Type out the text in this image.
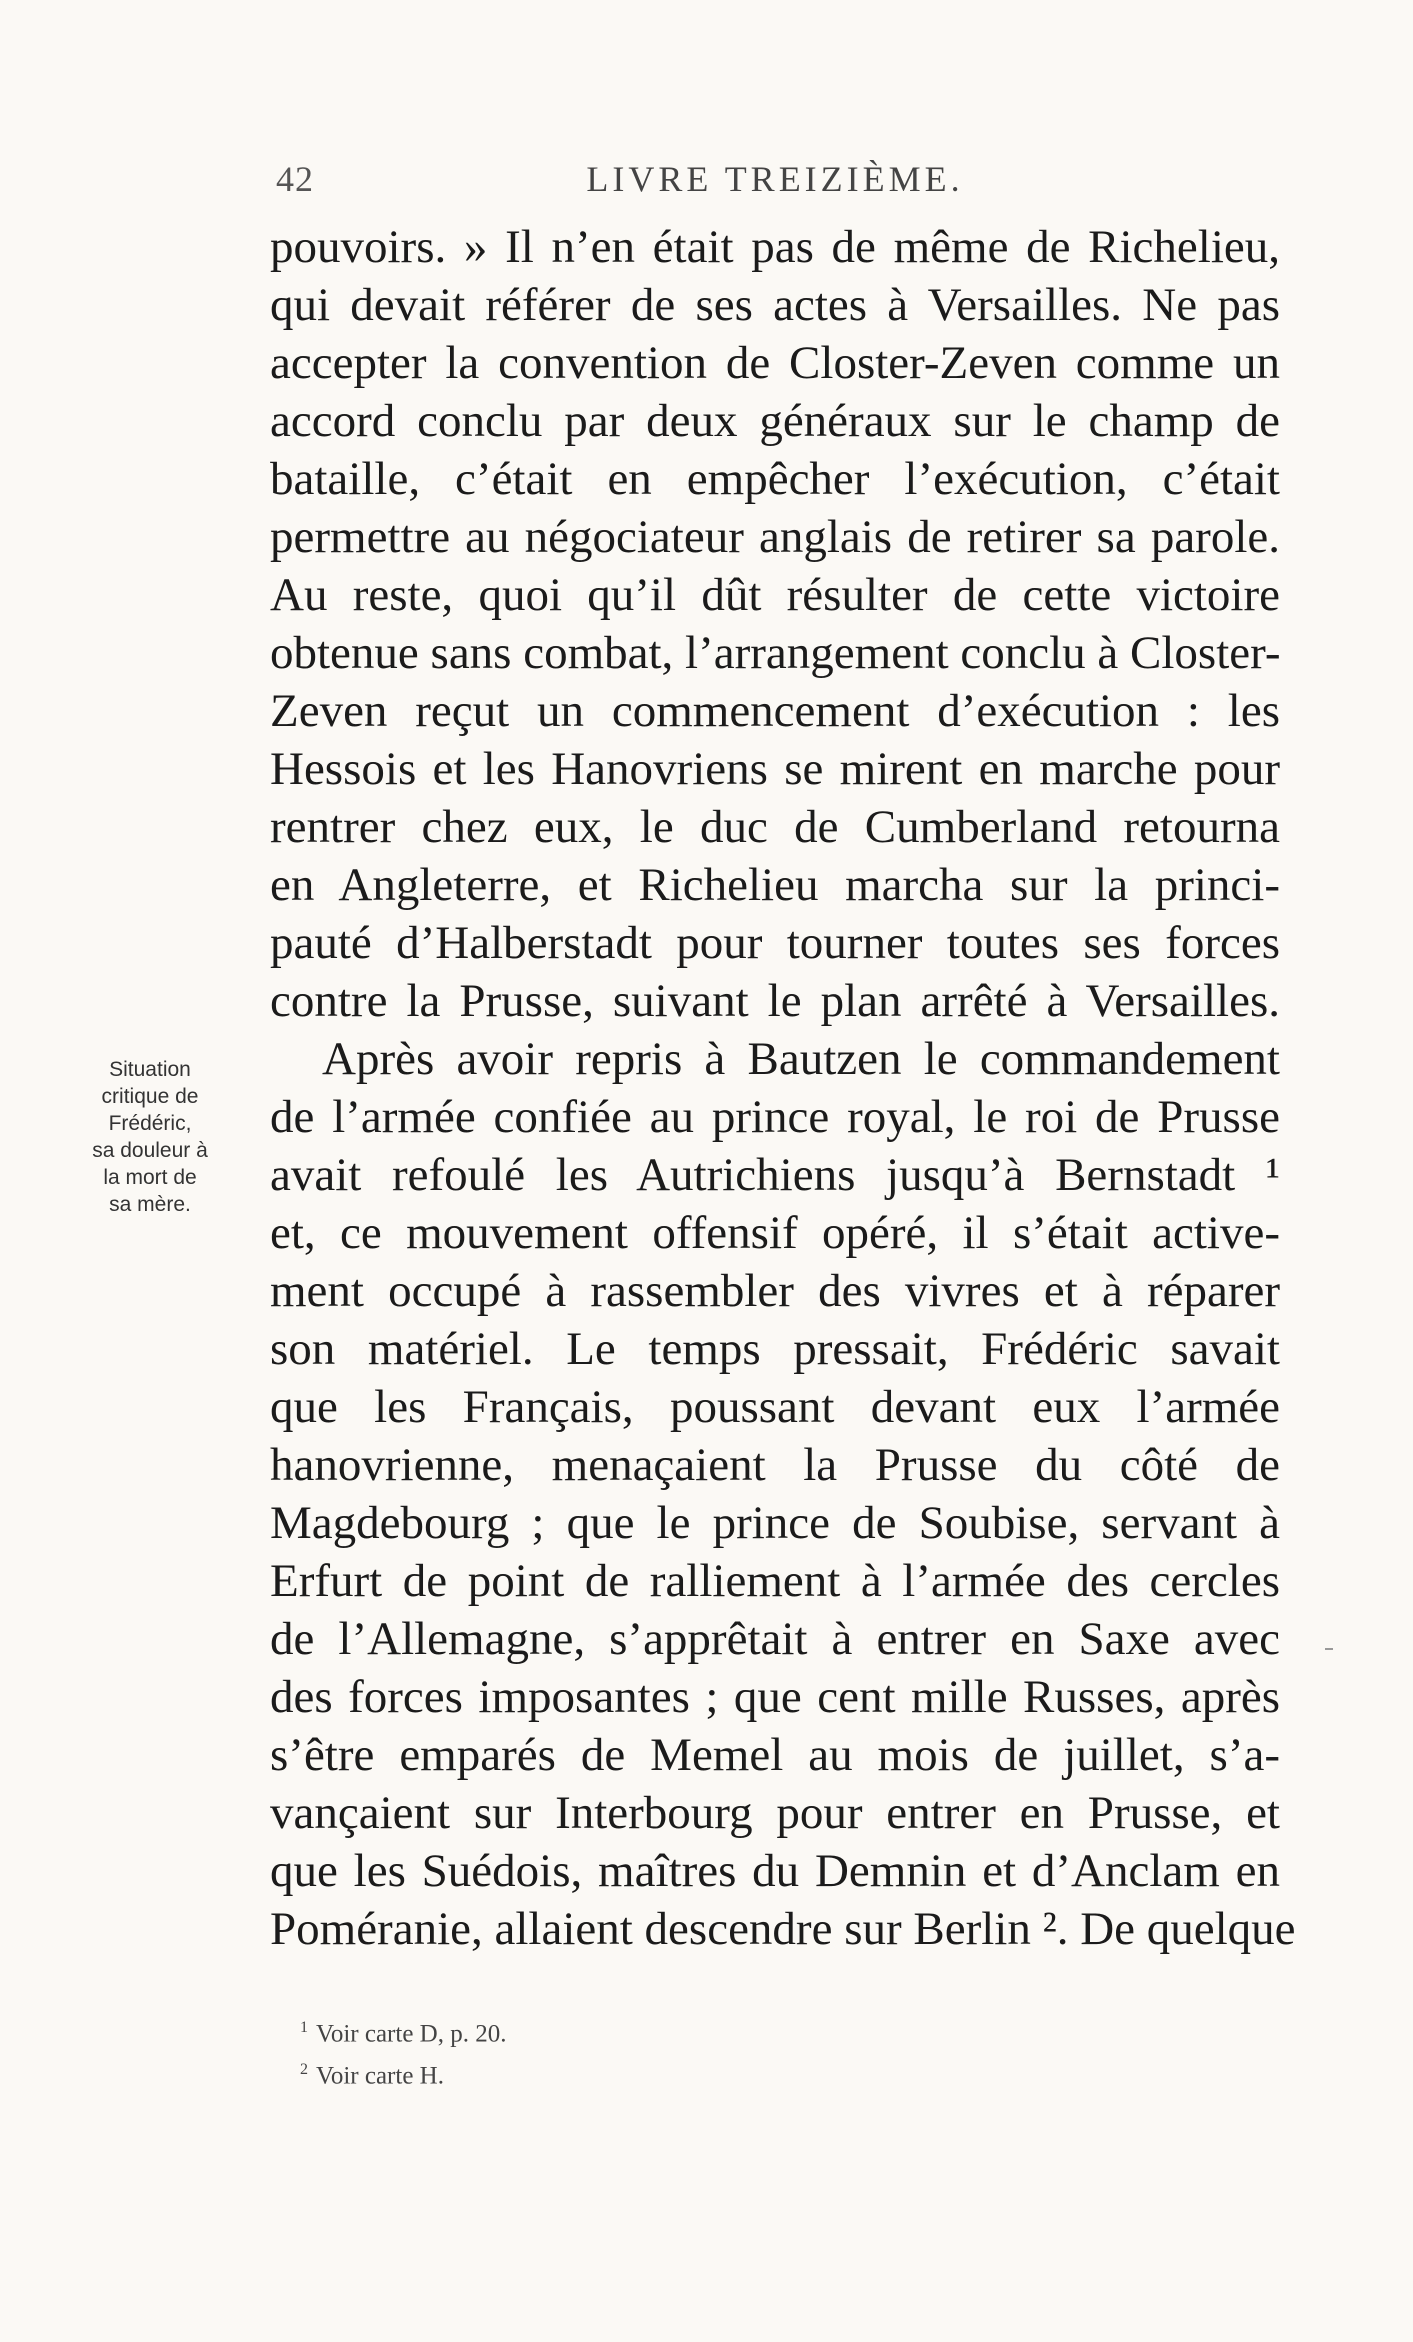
42	LIVRE TREIZIÈME.
Situation
critique de
Frédéric,
sa douleur à
la mort de
sa mère.
pouvoirs. » Il n’en était pas de même de Richelieu,
qui devait référer de ses actes à Versailles. Ne pas
accepter la convention de Closter-Zeven comme un
accord conclu par deux généraux sur le champ de
bataille, c’était en empêcher l’exécution, c’était
permettre au négociateur anglais de retirer sa parole.
Au reste, quoi qu’il dût résulter de cette victoire
obtenue sans combat, l’arrangement conclu à Closter-
Zeven reçut un commencement d’exécution : les
Hessois et les Hanovriens se mirent en marche pour
rentrer chez eux, le duc de Cumberland retourna
en Angleterre, et Richelieu marcha sur la princi-
pauté d’Halberstadt pour tourner toutes ses forces
contre la Prusse, suivant le plan arrêté à Versailles.
Après avoir repris à Bautzen le commandement
de l’armée confiée au prince royal, le roi de Prusse
avait refoulé les Autrichiens jusqu’à Bernstadt ¹
et, ce mouvement offensif opéré, il s’était active-
ment occupé à rassembler des vivres et à réparer
son matériel. Le temps pressait, Frédéric savait
que les Français, poussant devant eux l’armée
hanovrienne, menaçaient la Prusse du côté de
Magdebourg ; que le prince de Soubise, servant à
Erfurt de point de ralliement à l’armée des cercles
de l’Allemagne, s’apprêtait à entrer en Saxe avec
des forces imposantes ; que cent mille Russes, après
s’être emparés de Memel au mois de juillet, s’a-
vançaient sur Interbourg pour entrer en Prusse, et
que les Suédois, maîtres du Demnin et d’Anclam en
Poméranie, allaient descendre sur Berlin ². De quelque
$^1$ Voir carte D, p. 20.
$^2$ Voir carte H.
